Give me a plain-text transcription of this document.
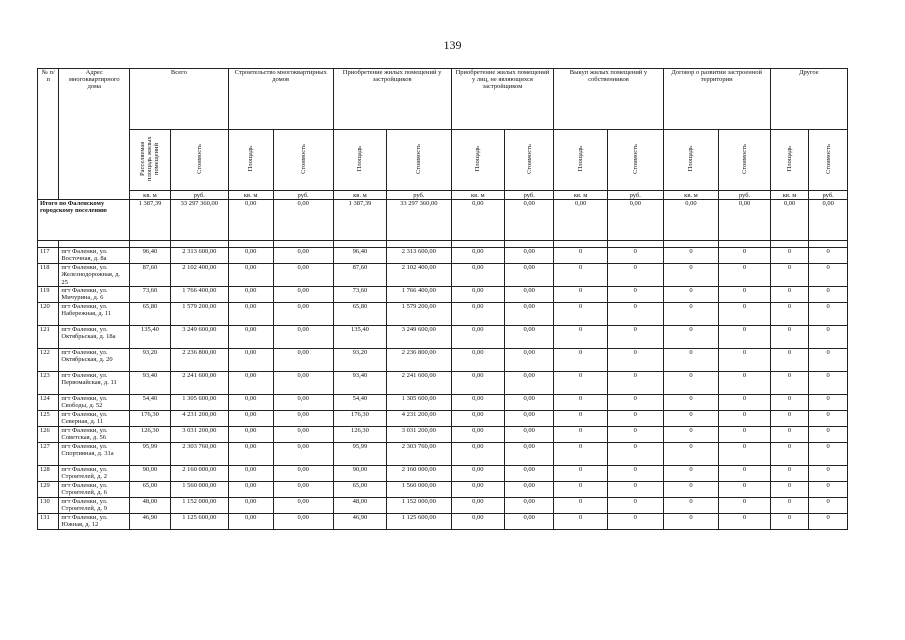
139
№ п/п	Адрес многоквартирного дома	Всего		Строительство многоквартирных домов		Приобретение жилых помещений у застройщиков		Приобретение жилых помещений у лиц, не являющихся застройщиком		Выкуп жилых помещений у собственников		Договор о развитии застроенной территории		Другое	
		Расселяемая площадь жилых помещений	Стоимость	Площадь	Стоимость	Площадь	Стоимость	Площадь	Стоимость	Площадь	Стоимость	Площадь	Стоимость	Площадь	Стоимость
		кв. м	руб.	кв. м	руб.	кв. м	руб.	кв. м	руб.	кв. м	руб.	кв. м	руб.	кв. м	руб.
Итого по Фаленскому городскому поселению		1 387,39	33 297 360,00	0,00	0,00	1 387,39	33 297 360,00	0,00	0,00	0,00	0,00	0,00	0,00	0,00	0,00

117	пгт Фаленки, ул. Восточная, д. 8а	96,40	2 313 600,00	0,00	0,00	96,40	2 313 600,00	0,00	0,00	0	0	0	0	0	0
118	пгт Фаленки, ул. Железнодорожная, д. 25	87,60	2 102 400,00	0,00	0,00	87,60	2 102 400,00	0,00	0,00	0	0	0	0	0	0
119	пгт Фаленки, ул. Мичурина, д. 6	73,60	1 766 400,00	0,00	0,00	73,60	1 766 400,00	0,00	0,00	0	0	0	0	0	0
120	пгт Фаленки, ул. Набережная, д. 11	65,80	1 579 200,00	0,00	0,00	65,80	1 579 200,00	0,00	0,00	0	0	0	0	0	0
121	пгт Фаленки, ул. Октябрьская, д. 18а	135,40	3 249 600,00	0,00	0,00	135,40	3 249 600,00	0,00	0,00	0	0	0	0	0	0
122	пгт Фаленки, ул. Октябрьская, д. 20	93,20	2 236 800,00	0,00	0,00	93,20	2 236 800,00	0,00	0,00	0	0	0	0	0	0
123	пгт Фаленки, ул. Первомайская, д. 11	93,40	2 241 600,00	0,00	0,00	93,40	2 241 600,00	0,00	0,00	0	0	0	0	0	0
124	пгт Фаленки, ул. Свободы, д. 52	54,40	1 305 600,00	0,00	0,00	54,40	1 305 600,00	0,00	0,00	0	0	0	0	0	0
125	пгт Фаленки, ул. Северная, д. 11	176,30	4 231 200,00	0,00	0,00	176,30	4 231 200,00	0,00	0,00	0	0	0	0	0	0
126	пгт Фаленки, ул. Советская, д. 56	126,30	3 031 200,00	0,00	0,00	126,30	3 031 200,00	0,00	0,00	0	0	0	0	0	0
127	пгт Фаленки, ул. Спортивная, д. 31а	95,99	2 303 760,00	0,00	0,00	95,99	2 303 760,00	0,00	0,00	0	0	0	0	0	0
128	пгт Фаленки, ул. Строителей, д. 2	90,00	2 160 000,00	0,00	0,00	90,00	2 160 000,00	0,00	0,00	0	0	0	0	0	0
129	пгт Фаленки, ул. Строителей, д. 6	65,00	1 560 000,00	0,00	0,00	65,00	1 560 000,00	0,00	0,00	0	0	0	0	0	0
130	пгт Фаленки, ул. Строителей, д. 9	48,00	1 152 000,00	0,00	0,00	48,00	1 152 000,00	0,00	0,00	0	0	0	0	0	0
131	пгт Фаленки, ул. Южная, д. 12	46,90	1 125 600,00	0,00	0,00	46,90	1 125 600,00	0,00	0,00	0	0	0	0	0	0
